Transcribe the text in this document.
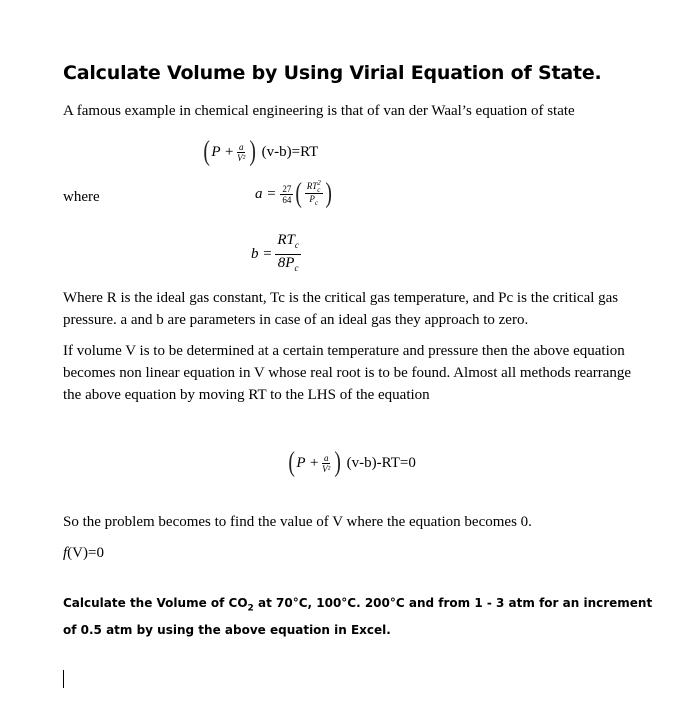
Calculate Volume by Using Virial Equation of State.
A famous example in chemical engineering is that of van der Waal’s equation of state
( $P + \frac{a}{\text{V²}}$ ) (v-b)=RT
where	$a = \frac{27}{64}$ ( RT 2
c
$P_c$ )
$b = \frac{RT_c}{8P_c}$
Where R is the ideal gas constant, Tc is the critical gas temperature, and Pc is the critical gas pressure. a and b are parameters in case of an ideal gas they approach to zero.
If volume V is to be determined at a certain temperature and pressure then the above equation becomes non linear equation in V whose real root is to be found. Almost all methods rearrange the above equation by moving RT to the LHS of the equation
( $P + \frac{a}{\text{V²}}$ ) (v-b)-RT=0
So the problem becomes to find the value of V where the equation becomes 0.
f(V)=0
Calculate the Volume of $CO_2$ at 70°C, 100°C. 200°C and from 1 - 3 atm for an increment of 0.5 atm by using the above equation in Excel.
